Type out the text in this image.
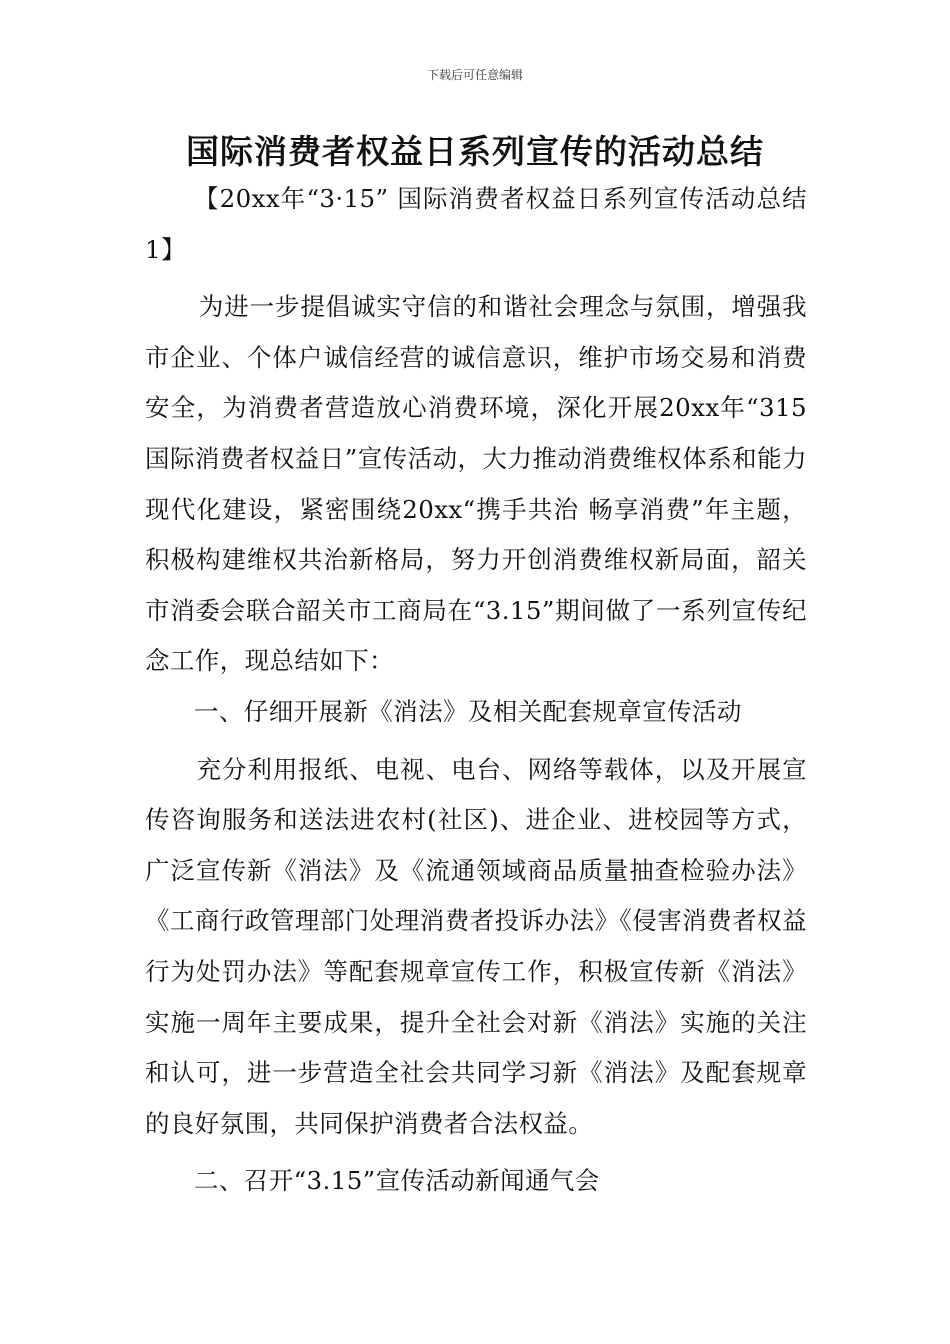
下载后可任意编辑
国际消费者权益日系列宣传的活动总结

【20xx年“3·15” 国际消费者权益日系列宣传活动总结1】

为进一步提倡诚实守信的和谐社会理念与氛围，增强我市企业、个体户诚信经营的诚信意识，维护市场交易和消费安全，为消费者营造放心消费环境，深化开展20xx年“315国际消费者权益日”宣传活动，大力推动消费维权体系和能力现代化建设，紧密围绕20xx“携手共治 畅享消费”年主题，积极构建维权共治新格局，努力开创消费维权新局面，韶关市消委会联合韶关市工商局在“3.15”期间做了一系列宣传纪念工作，现总结如下：

一、仔细开展新《消法》及相关配套规章宣传活动

充分利用报纸、电视、电台、网络等载体，以及开展宣传咨询服务和送法进农村(社区)、进企业、进校园等方式，广泛宣传新《消法》及《流通领域商品质量抽查检验办法》《工商行政管理部门处理消费者投诉办法》《侵害消费者权益行为处罚办法》等配套规章宣传工作，积极宣传新《消法》实施一周年主要成果，提升全社会对新《消法》实施的关注和认可，进一步营造全社会共同学习新《消法》及配套规章的良好氛围，共同保护消费者合法权益。

二、召开“3.15”宣传活动新闻通气会
